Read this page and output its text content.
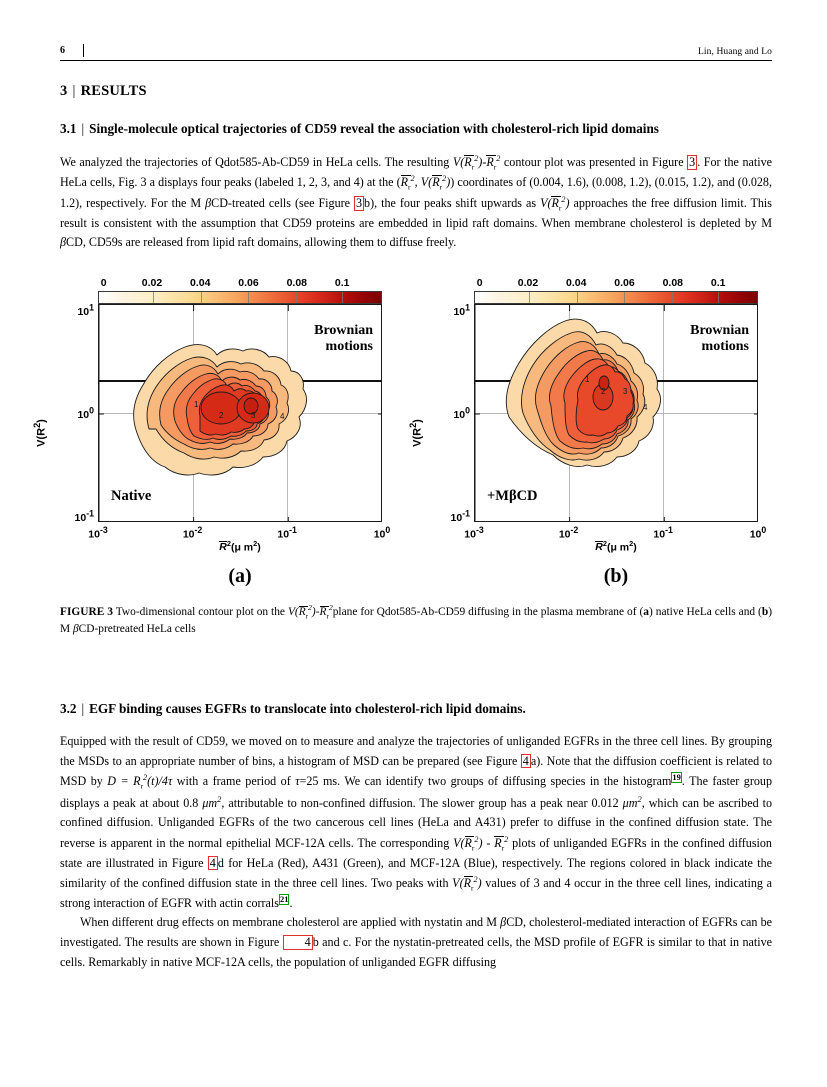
6	Lin, Huang and Lo
3 | RESULTS
3.1 | Single-molecule optical trajectories of CD59 reveal the association with cholesterol-rich lipid domains

We analyzed the trajectories of Qdot585-Ab-CD59 in HeLa cells. The resulting $V(R_r^2)-R_r^2$ contour plot was presented in Figure 3 . For the native HeLa cells, Fig. 3 a displays four peaks (labeled 1, 2, 3, and 4) at the ($R_r^2$, $V(R_r^2)$) coordinates of (0.004, 1.6), (0.008, 1.2), (0.015, 1.2), and (0.028, 1.2), respectively. For the M βCD-treated cells (see Figure 3 b), the four peaks shift upwards as $V(R_r^2)$ approaches the free diffusion limit. This result is consistent with the assumption that CD59 proteins are embedded in lipid raft domains. When membrane cholesterol is depleted by M βCD, CD59s are released from lipid raft domains, allowing them to diffuse freely.

0	0.02	0.04	0.06	0.08	0.1
1
2	3	4
Brownian
motions
Native
$V(R^2)$
$10^1$
$10^0$
$10^{-1}$
$10^{-3}$	$10^{-2}$	$10^{-1}$	$10^0$
$R^2(\mu$ $m^2$)
(a)
0	0.02	0.04	0.06	0.08	0.1
1
2 3
4
Brownian
motions
+MβCD
$V(R^2)$
$10^1$
$10^0$
$10^{-1}$
$10^{-3}$	$10^{-2}$	$10^{-1}$	$10^0$
$R^2(\mu$ $m^2$)
(b)
FIGURE 3 Two-dimensional contour plot on the $V(R_r^2)-R_r^2plane$ for Qdot585-Ab-CD59 diffusing in the plasma membrane of (a) native HeLa cells and (b) M βCD-pretreated HeLa cells
3.2 | EGF binding causes EGFRs to translocate into cholesterol-rich lipid domains.

Equipped with the result of CD59, we moved on to measure and analyze the trajectories of unliganded EGFRs in the three cell lines. By grouping the MSDs to an appropriate number of bins, a histogram of MSD can be prepared (see Figure 4 a). Note that the diffusion coefficient is related to MSD by $D = R_r^2(t)/4\tau$ with a frame period of τ=25 ms. We can identify two groups of diffusing species in the histogram19. The faster group displays a peak at about 0.8 $\mu m^2$, attributable to non-confined diffusion. The slower group has a peak near 0.012 $\mu m^2$, which can be ascribed to confined diffusion. Unliganded EGFRs of the two cancerous cell lines (HeLa and A431) prefer to diffuse in the confined diffusion state. The reverse is apparent in the normal epithelial MCF-12A cells. The corresponding $V(R_r^2) - R_r^2$ plots of unliganded EGFRs in the confined diffusion state are illustrated in Figure 4 d for HeLa (Red), A431 (Green), and MCF-12A (Blue), respectively. The regions colored in black indicate the similarity of the confined diffusion state in the three cell lines. Two peaks with $V(R_r^2)$ values of 3 and 4 occur in the three cell lines, indicating a strong interaction of EGFR with actin corrals21.

When different drug effects on membrane cholesterol are applied with nystatin and M βCD, cholesterol-mediated interaction of EGFRs can be investigated. The results are shown in Figure 4 b and c. For the nystatin-pretreated cells, the MSD profile of EGFR is similar to that in native cells. Remarkably in native MCF-12A cells, the population of unliganded EGFR diffusing
